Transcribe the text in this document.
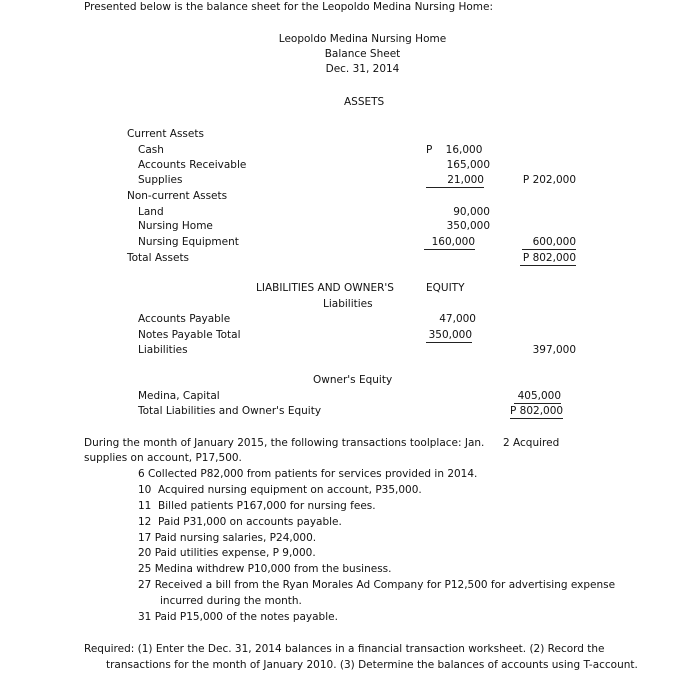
Presented below is the balance sheet for the Leopoldo Medina Nursing Home:
Leopoldo Medina Nursing Home
Balance Sheet
Dec. 31, 2014
ASSETS
Current Assets
Cash	P    16,000
Accounts Receivable	165,000
Supplies	21,000	P 202,000
Non-current Assets
Land	90,000
Nursing Home	350,000
Nursing Equipment	160,000	600,000
Total Assets	P 802,000
LIABILITIES AND OWNER'S	EQUITY
Liabilities
Accounts Payable	47,000
Notes Payable Total	350,000
Liabilities	397,000
Owner's Equity
Medina, Capital	405,000
Total Liabilities and Owner's Equity	P 802,000
During the month of January 2015, the following transactions toolplace: Jan. 2 Acquired
supplies on account, P17,500.
6 Collected P82,000 from patients for services provided in 2014.
10  Acquired nursing equipment on account, P35,000.
11  Billed patients P167,000 for nursing fees.
12  Paid P31,000 on accounts payable.
17 Paid nursing salaries, P24,000.
20 Paid utilities expense, P 9,000.
25 Medina withdrew P10,000 from the business.
27 Received a bill from the Ryan Morales Ad Company for P12,500 for advertising expense
incurred during the month.
31 Paid P15,000 of the notes payable.
Required: (1) Enter the Dec. 31, 2014 balances in a financial transaction worksheet. (2) Record the
transactions for the month of January 2010. (3) Determine the balances of accounts using T-account.
